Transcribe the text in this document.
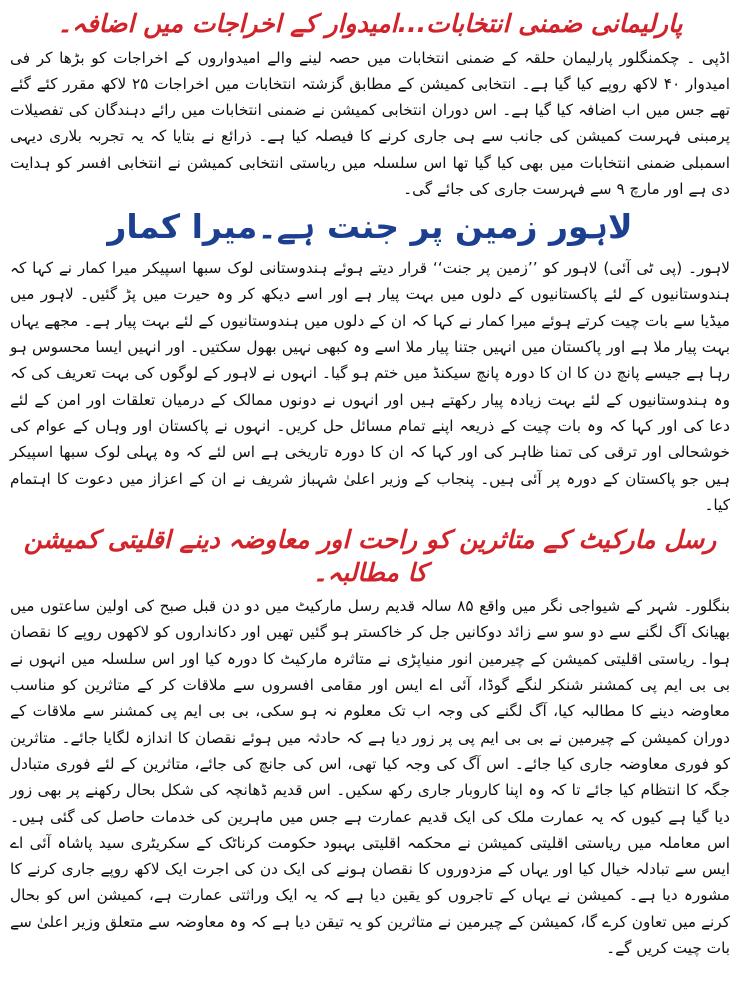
پارلیمانی ضمنی انتخابات...امیدوار کے اخراجات میں اضافہ۔

اڈپی ۔ چکمنگلور پارلیمان حلقہ کے ضمنی انتخابات میں حصہ لینے والے امیدواروں کے اخراجات کو بڑھا کر فی امیدوار ۴۰ لاکھ روپے کیا گیا ہے۔ انتخابی کمیشن کے مطابق گزشتہ انتخابات میں اخراجات ۲۵ لاکھ مقرر کئے گئے تھے جس میں اب اضافہ کیا گیا ہے۔ اس دوران انتخابی کمیشن نے ضمنی انتخابات میں رائے دہندگان کی تفصیلات پرمبنی فہرست کمیشن کی جانب سے ہی جاری کرنے کا فیصلہ کیا ہے۔ ذرائع نے بتایا کہ یہ تجربہ بلاری دیہی اسمبلی ضمنی انتخابات میں بھی کیا گیا تھا اس سلسلہ میں ریاستی انتخابی کمیشن نے انتخابی افسر کو ہدایت دی ہے اور مارچ ۹ سے فہرست جاری کی جائے گی۔

لاہور زمین پر جنت ہے۔میرا کمار

لاہور۔ (پی ٹی آئی) لاہور کو ’’زمین پر جنت‘‘ قرار دیتے ہوئے ہندوستانی لوک سبھا اسپیکر میرا کمار نے کہا کہ ہندوستانیوں کے لئے پاکستانیوں کے دلوں میں بہت پیار ہے اور اسے دیکھ کر وہ حیرت میں پڑ گئیں۔ لاہور میں میڈیا سے بات چیت کرتے ہوئے میرا کمار نے کہا کہ ان کے دلوں میں ہندوستانیوں کے لئے بہت پیار ہے۔ مجھے یہاں بہت پیار ملا ہے اور پاکستان میں انہیں جتنا پیار ملا اسے وہ کبھی نہیں بھول سکتیں۔ اور انہیں ایسا محسوس ہو رہا ہے جیسے پانچ دن کا ان کا دورہ پانچ سیکنڈ میں ختم ہو گیا۔ انہوں نے لاہور کے لوگوں کی بہت تعریف کی کہ وہ ہندوستانیوں کے لئے بہت زیادہ پیار رکھتے ہیں اور انہوں نے دونوں ممالک کے درمیان تعلقات اور امن کے لئے دعا کی اور کہا کہ وہ بات چیت کے ذریعہ اپنے تمام مسائل حل کریں۔ انہوں نے پاکستان اور وہاں کے عوام کی خوشحالی اور ترقی کی تمنا ظاہر کی اور کہا کہ ان کا دورہ تاریخی ہے اس لئے کہ وہ پہلی لوک سبھا اسپیکر ہیں جو پاکستان کے دورہ پر آئی ہیں۔ پنجاب کے وزیر اعلیٰ شہباز شریف نے ان کے اعزاز میں دعوت کا اہتمام کیا۔

رسل مارکیٹ کے متاثرین کو راحت اور معاوضہ دینے اقلیتی کمیشن کا مطالبہ۔

بنگلور۔ شہر کے شیواجی نگر میں واقع ۸۵ سالہ قدیم رسل مارکیٹ میں دو دن قبل صبح کی اولین ساعتوں میں بھیانک آگ لگنے سے دو سو سے زائد دوکانیں جل کر خاکستر ہو گئیں تھیں اور دکانداروں کو لاکھوں روپے کا نقصان ہوا۔ ریاستی اقلیتی کمیشن کے چیرمین انور منیاپڑی نے متاثرہ مارکیٹ کا دورہ کیا اور اس سلسلہ میں انہوں نے بی بی ایم پی کمشنر شنکر لنگے گوڈا، آئی اے ایس اور مقامی افسروں سے ملاقات کر کے متاثرین کو مناسب معاوضہ دینے کا مطالبہ کیا، آگ لگنے کی وجہ اب تک معلوم نہ ہو سکی، بی بی ایم پی کمشنر سے ملاقات کے دوران کمیشن کے چیرمین نے بی بی ایم پی پر زور دیا ہے کہ حادثہ میں ہوئے نقصان کا اندازہ لگایا جائے۔ متاثرین کو فوری معاوضہ جاری کیا جائے۔ اس آگ کی وجہ کیا تھی، اس کی جانچ کی جائے، متاثرین کے لئے فوری متبادل جگہ کا انتظام کیا جائے تا کہ وہ اپنا کاروبار جاری رکھ سکیں۔ اس قدیم ڈھانچہ کی شکل بحال رکھنے پر بھی زور دیا گیا ہے کیوں کہ یہ عمارت ملک کی ایک قدیم عمارت ہے جس میں ماہرین کی خدمات حاصل کی گئی ہیں۔ اس معاملہ میں ریاستی اقلیتی کمیشن نے محکمہ اقلیتی بہبود حکومت کرناٹک کے سکریٹری سید پاشاہ آئی اے ایس سے تبادلہ خیال کیا اور یہاں کے مزدوروں کا نقصان ہونے کی ایک دن کی اجرت ایک لاکھ روپے جاری کرنے کا مشورہ دیا ہے۔ کمیشن نے یہاں کے تاجروں کو یقین دیا ہے کہ یہ ایک وراثتی عمارت ہے، کمیشن اس کو بحال کرنے میں تعاون کرے گا، کمیشن کے چیرمین نے متاثرین کو یہ تیقن دیا ہے کہ وہ معاوضہ سے متعلق وزیر اعلیٰ سے بات چیت کریں گے۔
